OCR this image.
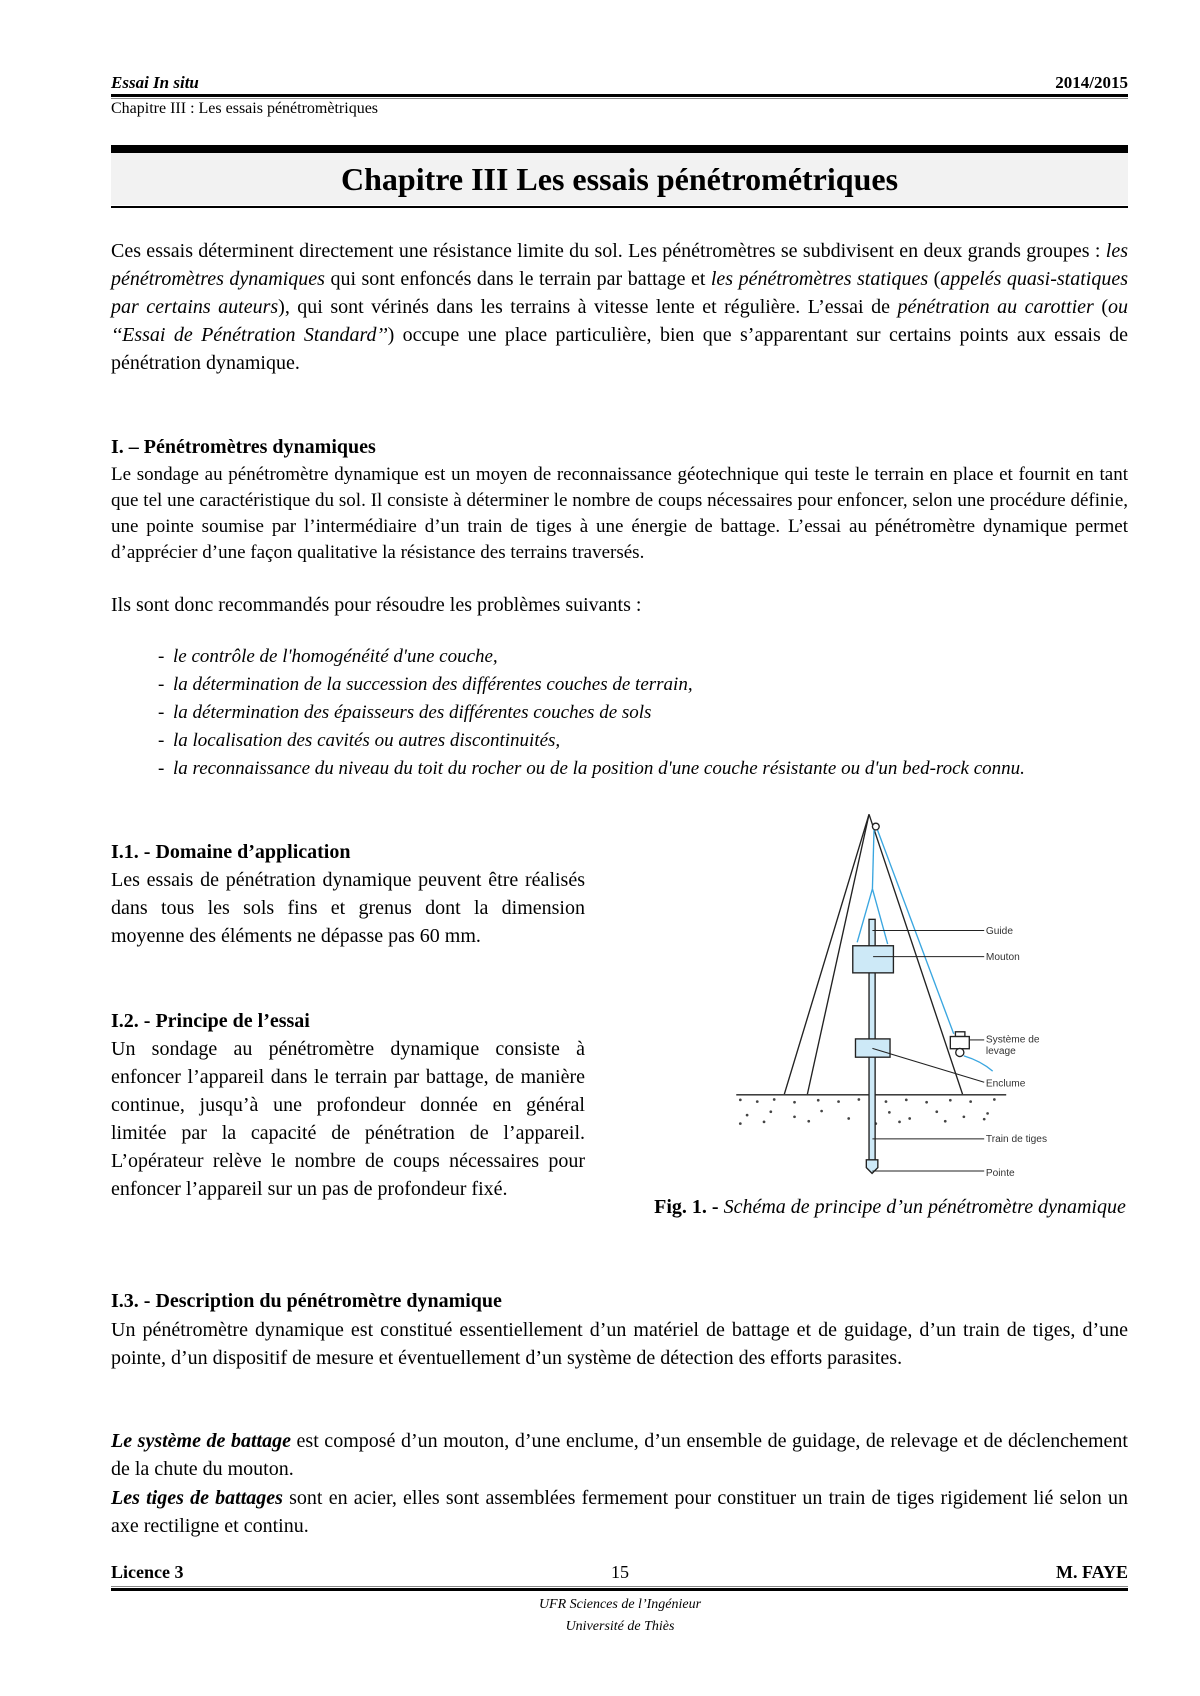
Essai In situ	2014/2015
Chapitre III : Les essais pénétromètriques
Chapitre III Les essais pénétrométriques

Ces essais déterminent directement une résistance limite du sol. Les pénétromètres se subdivisent en deux grands groupes : les pénétromètres dynamiques qui sont enfoncés dans le terrain par battage et les pénétromètres statiques (appelés quasi-statiques par certains auteurs), qui sont vérinés dans les terrains à vitesse lente et régulière. L’essai de pénétration au carottier (ou ‘‘Essai de Pénétration Standard’’) occupe une place particulière, bien que s’apparentant sur certains points aux essais de pénétration dynamique.

I. – Pénétromètres dynamiques

Le sondage au pénétromètre dynamique est un moyen de reconnaissance géotechnique qui teste le terrain en place et fournit en tant que tel une caractéristique du sol. Il consiste à déterminer le nombre de coups nécessaires pour enfoncer, selon une procédure définie, une pointe soumise par l’intermédiaire d’un train de tiges à une énergie de battage. L’essai au pénétromètre dynamique permet d’apprécier d’une façon qualitative la résistance des terrains traversés.

Ils sont donc recommandés pour résoudre les problèmes suivants :

- le contrôle de l'homogénéité d'une couche,
- la détermination de la succession des différentes couches de terrain,
- la détermination des épaisseurs des différentes couches de sols
- la localisation des cavités ou autres discontinuités,
- la reconnaissance du niveau du toit du rocher ou de la position d'une couche résistante ou d'un bed-rock connu.
I.1. - Domaine d’application

Les essais de pénétration dynamique peuvent être réalisés dans tous les sols fins et grenus dont la dimension moyenne des éléments ne dépasse pas 60 mm.

I.2. - Principe de l’essai

Un sondage au pénétromètre dynamique consiste à enfoncer l’appareil dans le terrain par battage, de manière continue, jusqu’à une profondeur donnée en général limitée par la capacité de pénétration de l’appareil. L’opérateur relève le nombre de coups nécessaires pour enfoncer l’appareil sur un pas de profondeur fixé.

Guide
Mouton
Système de
levage
Enclume
Train de tiges
Pointe
Fig. 1. - Schéma de principe d’un pénétromètre dynamique
I.3. - Description du pénétromètre dynamique

Un pénétromètre dynamique est constitué essentiellement d’un matériel de battage et de guidage, d’un train de tiges, d’une pointe, d’un dispositif de mesure et éventuellement d’un système de détection des efforts parasites.

Le système de battage est composé d’un mouton, d’une enclume, d’un ensemble de guidage, de relevage et de déclenchement de la chute du mouton.

Les tiges de battages sont en acier, elles sont assemblées fermement pour constituer un train de tiges rigidement lié selon un axe rectiligne et continu.

Licence 3	15	M. FAYE
UFR Sciences de l’Ingénieur
Université de Thiès
